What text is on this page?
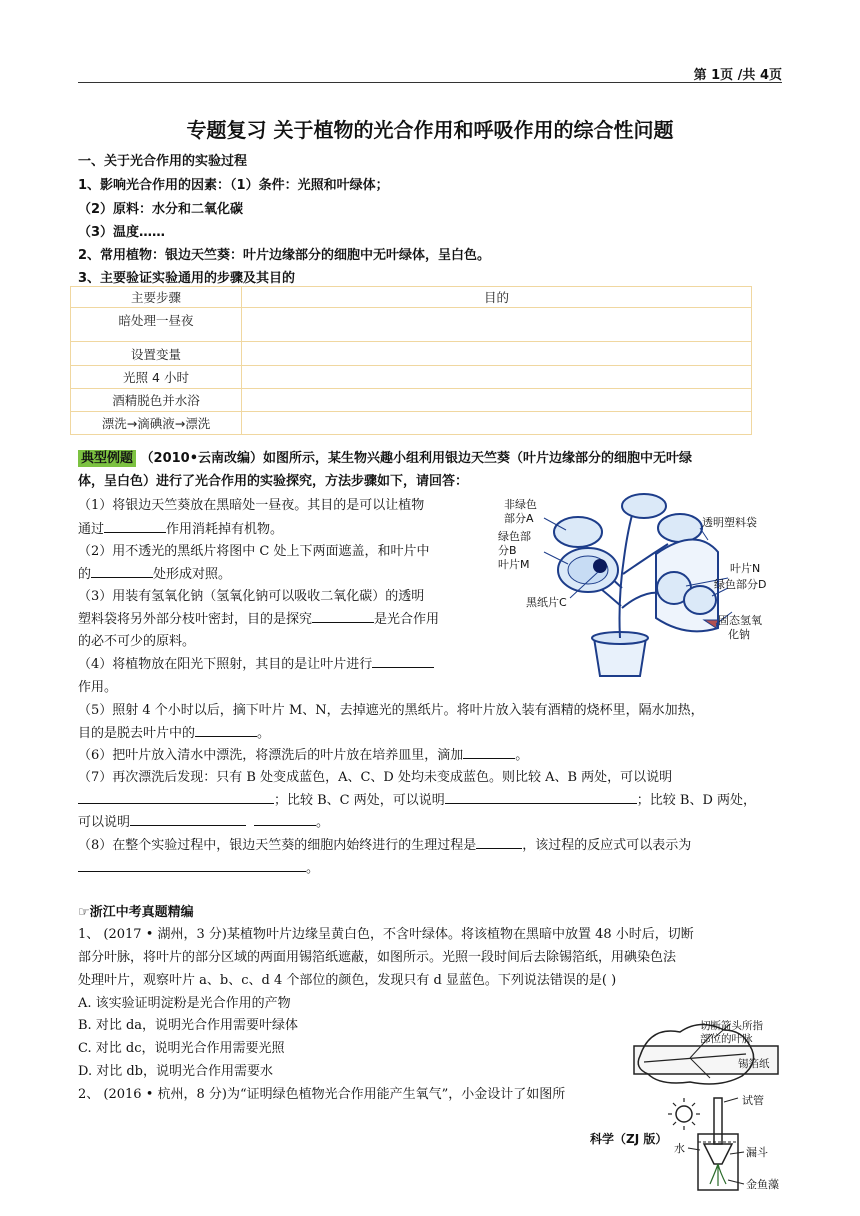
第 1页 /共 4页
专题复习 关于植物的光合作用和呼吸作用的综合性问题
一、关于光合作用的实验过程
1、影响光合作用的因素：（1）条件：光照和叶绿体；
（2）原料：水分和二氧化碳
（3）温度……
2、常用植物：银边天竺葵：叶片边缘部分的细胞中无叶绿体，呈白色。
3、主要验证实验通用的步骤及其目的
主要步骤	目的
暗处理一昼夜	
设置变量	
光照 4 小时	
酒精脱色并水浴	
漂洗→滴碘液→漂洗	
典型例题 （2010•云南改编）如图所示，某生物兴趣小组利用银边天竺葵（叶片边缘部分的细胞中无叶绿
体，呈白色）进行了光合作用的实验探究，方法步骤如下，请回答：
（1）将银边天竺葵放在黑暗处一昼夜。其目的是可以让植物
通过	作用消耗掉有机物。
（2）用不透光的黑纸片将图中 C 处上下两面遮盖，和叶片中
的	处形成对照。
（3）用装有氢氧化钠（氢氧化钠可以吸收二氧化碳）的透明
塑料袋将另外部分枝叶密封，目的是探究	是光合作用
的必不可少的原料。
（4）将植物放在阳光下照射，其目的是让叶片进行
作用。
非绿色
部分A
绿色部
分B
叶片M
黑纸片C
透明塑料袋
叶片N
绿色部分D
固态氢氧
化钠
（5）照射 4 个小时以后，摘下叶片 M、N，去掉遮光的黑纸片。将叶片放入装有酒精的烧杯里，隔水加热，
目的是脱去叶片中的	。
（6）把叶片放入清水中漂洗，将漂洗后的叶片放在培养皿里，滴加	。
（7）再次漂洗后发现：只有 B 处变成蓝色，A、C、D 处均未变成蓝色。则比较 A、B 两处，可以说明
；比较 B、C 两处，可以说明	；比较 B、D 两处，
可以说明	。
（8）在整个实验过程中，银边天竺葵的细胞内始终进行的生理过程是	，该过程的反应式可以表示为
。
☞浙江中考真题精编
1、 (2017 • 湖州，3 分)某植物叶片边缘呈黄白色，不含叶绿体。将该植物在黑暗中放置 48 小时后，切断
部分叶脉，将叶片的部分区域的两面用锡箔纸遮蔽，如图所示。光照一段时间后去除锡箔纸，用碘染色法
处理叶片，观察叶片 a、b、c、d 4 个部位的颜色，发现只有 d 显蓝色。下列说法错误的是( )
A. 该实验证明淀粉是光合作用的产物
B. 对比 da，说明光合作用需要叶绿体
C. 对比 dc，说明光合作用需要光照
D. 对比 db，说明光合作用需要水
2、 (2016 • 杭州，8 分)为“证明绿色植物光合作用能产生氧气”，小金设计了如图所
切断箭头所指
部位的叶脉
锡箔纸
试管
水	漏斗
金鱼藻
科学（ZJ 版）
